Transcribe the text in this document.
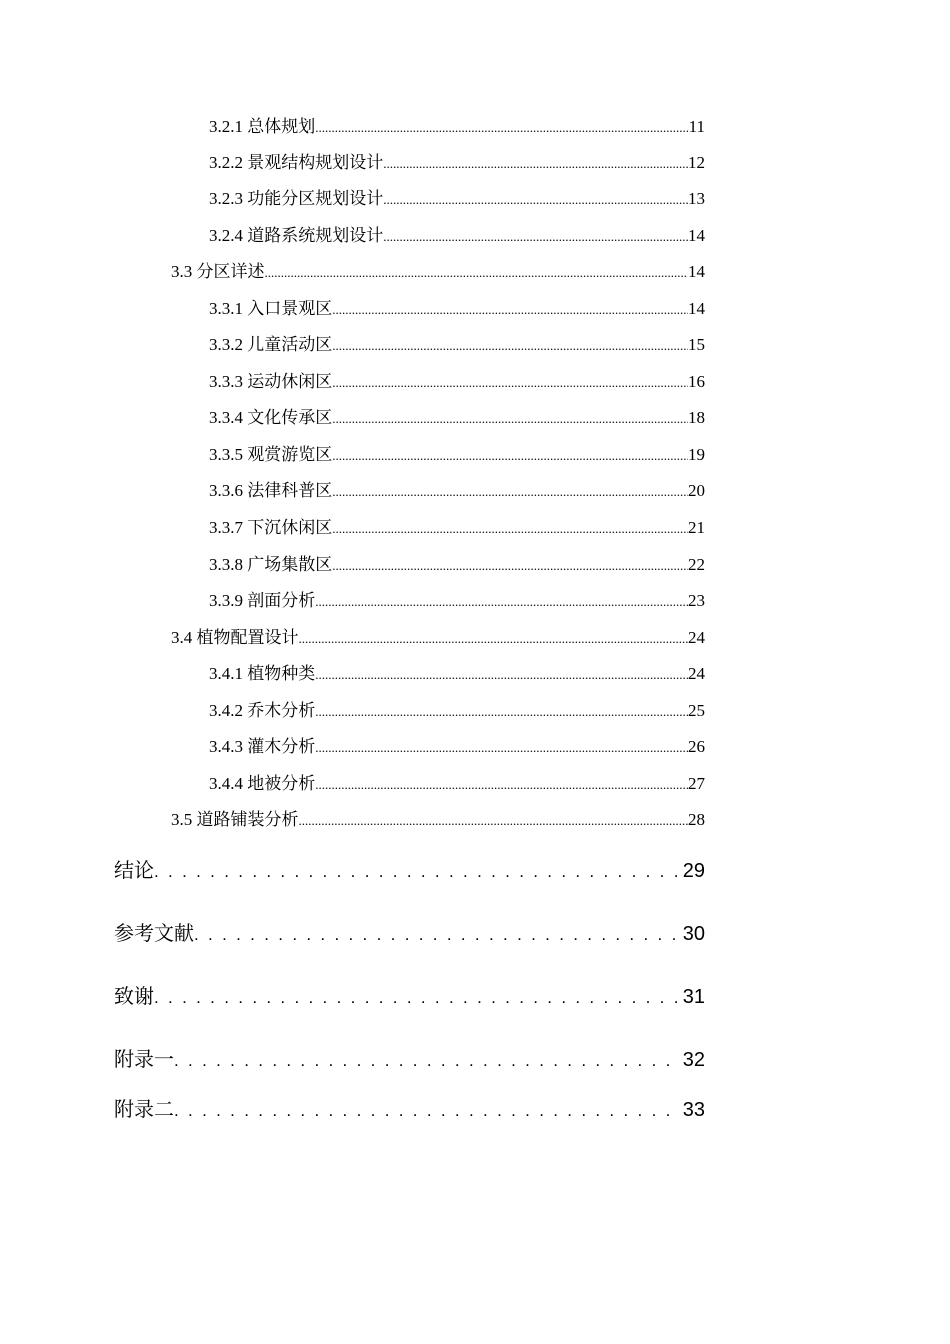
3.2.1 总体规划 .....	11
3.2.2 景观结构规划设计 .....	12
3.2.3 功能分区规划设计 .....	13
3.2.4 道路系统规划设计 .....	14
3.3 分区详述 .....	14
3.3.1 入口景观区 .....	14
3.3.2 儿童活动区 .....	15
3.3.3 运动休闲区 .....	16
3.3.4 文化传承区 .....	18
3.3.5 观赏游览区 .....	19
3.3.6 法律科普区 .....	20
3.3.7 下沉休闲区 .....	21
3.3.8 广场集散区 .....	22
3.3.9 剖面分析 .....	23
3.4 植物配置设计 .....	24
3.4.1 植物种类 .....	24
3.4.2 乔木分析 .....	25
3.4.3 灌木分析 .....	26
3.4.4 地被分析 .....	27
3.5 道路铺装分析 .....	28
结论 . . .	29
参考文献 . . .	30
致谢 . . .	31
附录一 . . .	32
附录二 . . .	33
